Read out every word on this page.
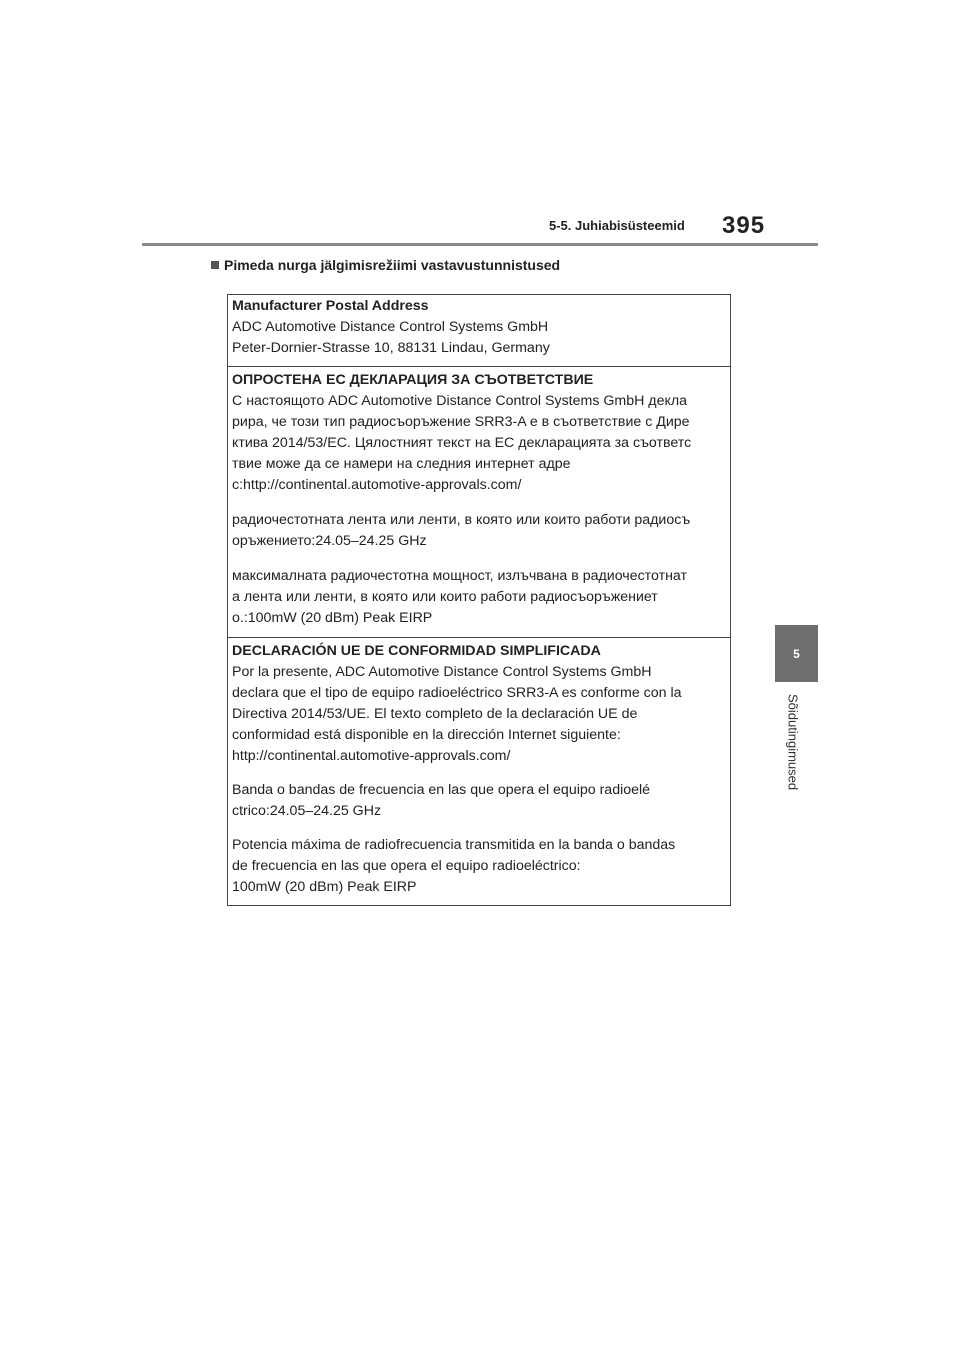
5-5. Juhiabisüsteemid 395
Pimeda nurga jälgimisrežiimi vastavustunnistused
5
Sõidutingimused
Manufacturer Postal Address
ADC Automotive Distance Control Systems GmbH
Peter-Dornier-Strasse 10, 88131 Lindau, Germany
ОПРОСТЕНА ЕС ДЕКЛАРАЦИЯ ЗА СЪОТВЕТСТВИЕ
С настоящото ADC Automotive Distance Control Systems GmbH декла
рира, че този тип радиосъоръжение SRR3-A е в съответствие с Дире
ктива 2014/53/ЕС. Цялостният текст на ЕС декларацията за съответс
твие може да се намери на следния интернет адре
с:http://continental.automotive-approvals.com/
радиочестотната лента или ленти, в която или които работи радиосъ
оръжението:24.05–24.25 GHz
максималната радиочестотна мощност, излъчвана в радиочестотнат
а лента или ленти, в която или които работи радиосъоръжениет
о.:100mW (20 dBm) Peak EIRP
DECLARACIÓN UE DE CONFORMIDAD SIMPLIFICADA
Por la presente, ADC Automotive Distance Control Systems GmbH
declara que el tipo de equipo radioeléctrico SRR3-A es conforme con la
Directiva 2014/53/UE. El texto completo de la declaración UE de
conformidad está disponible en la dirección Internet siguiente:
http://continental.automotive-approvals.com/
Banda o bandas de frecuencia en las que opera el equipo radioelé
ctrico:24.05–24.25 GHz
Potencia máxima de radiofrecuencia transmitida en la banda o bandas
de frecuencia en las que opera el equipo radioeléctrico:
100mW (20 dBm) Peak EIRP
